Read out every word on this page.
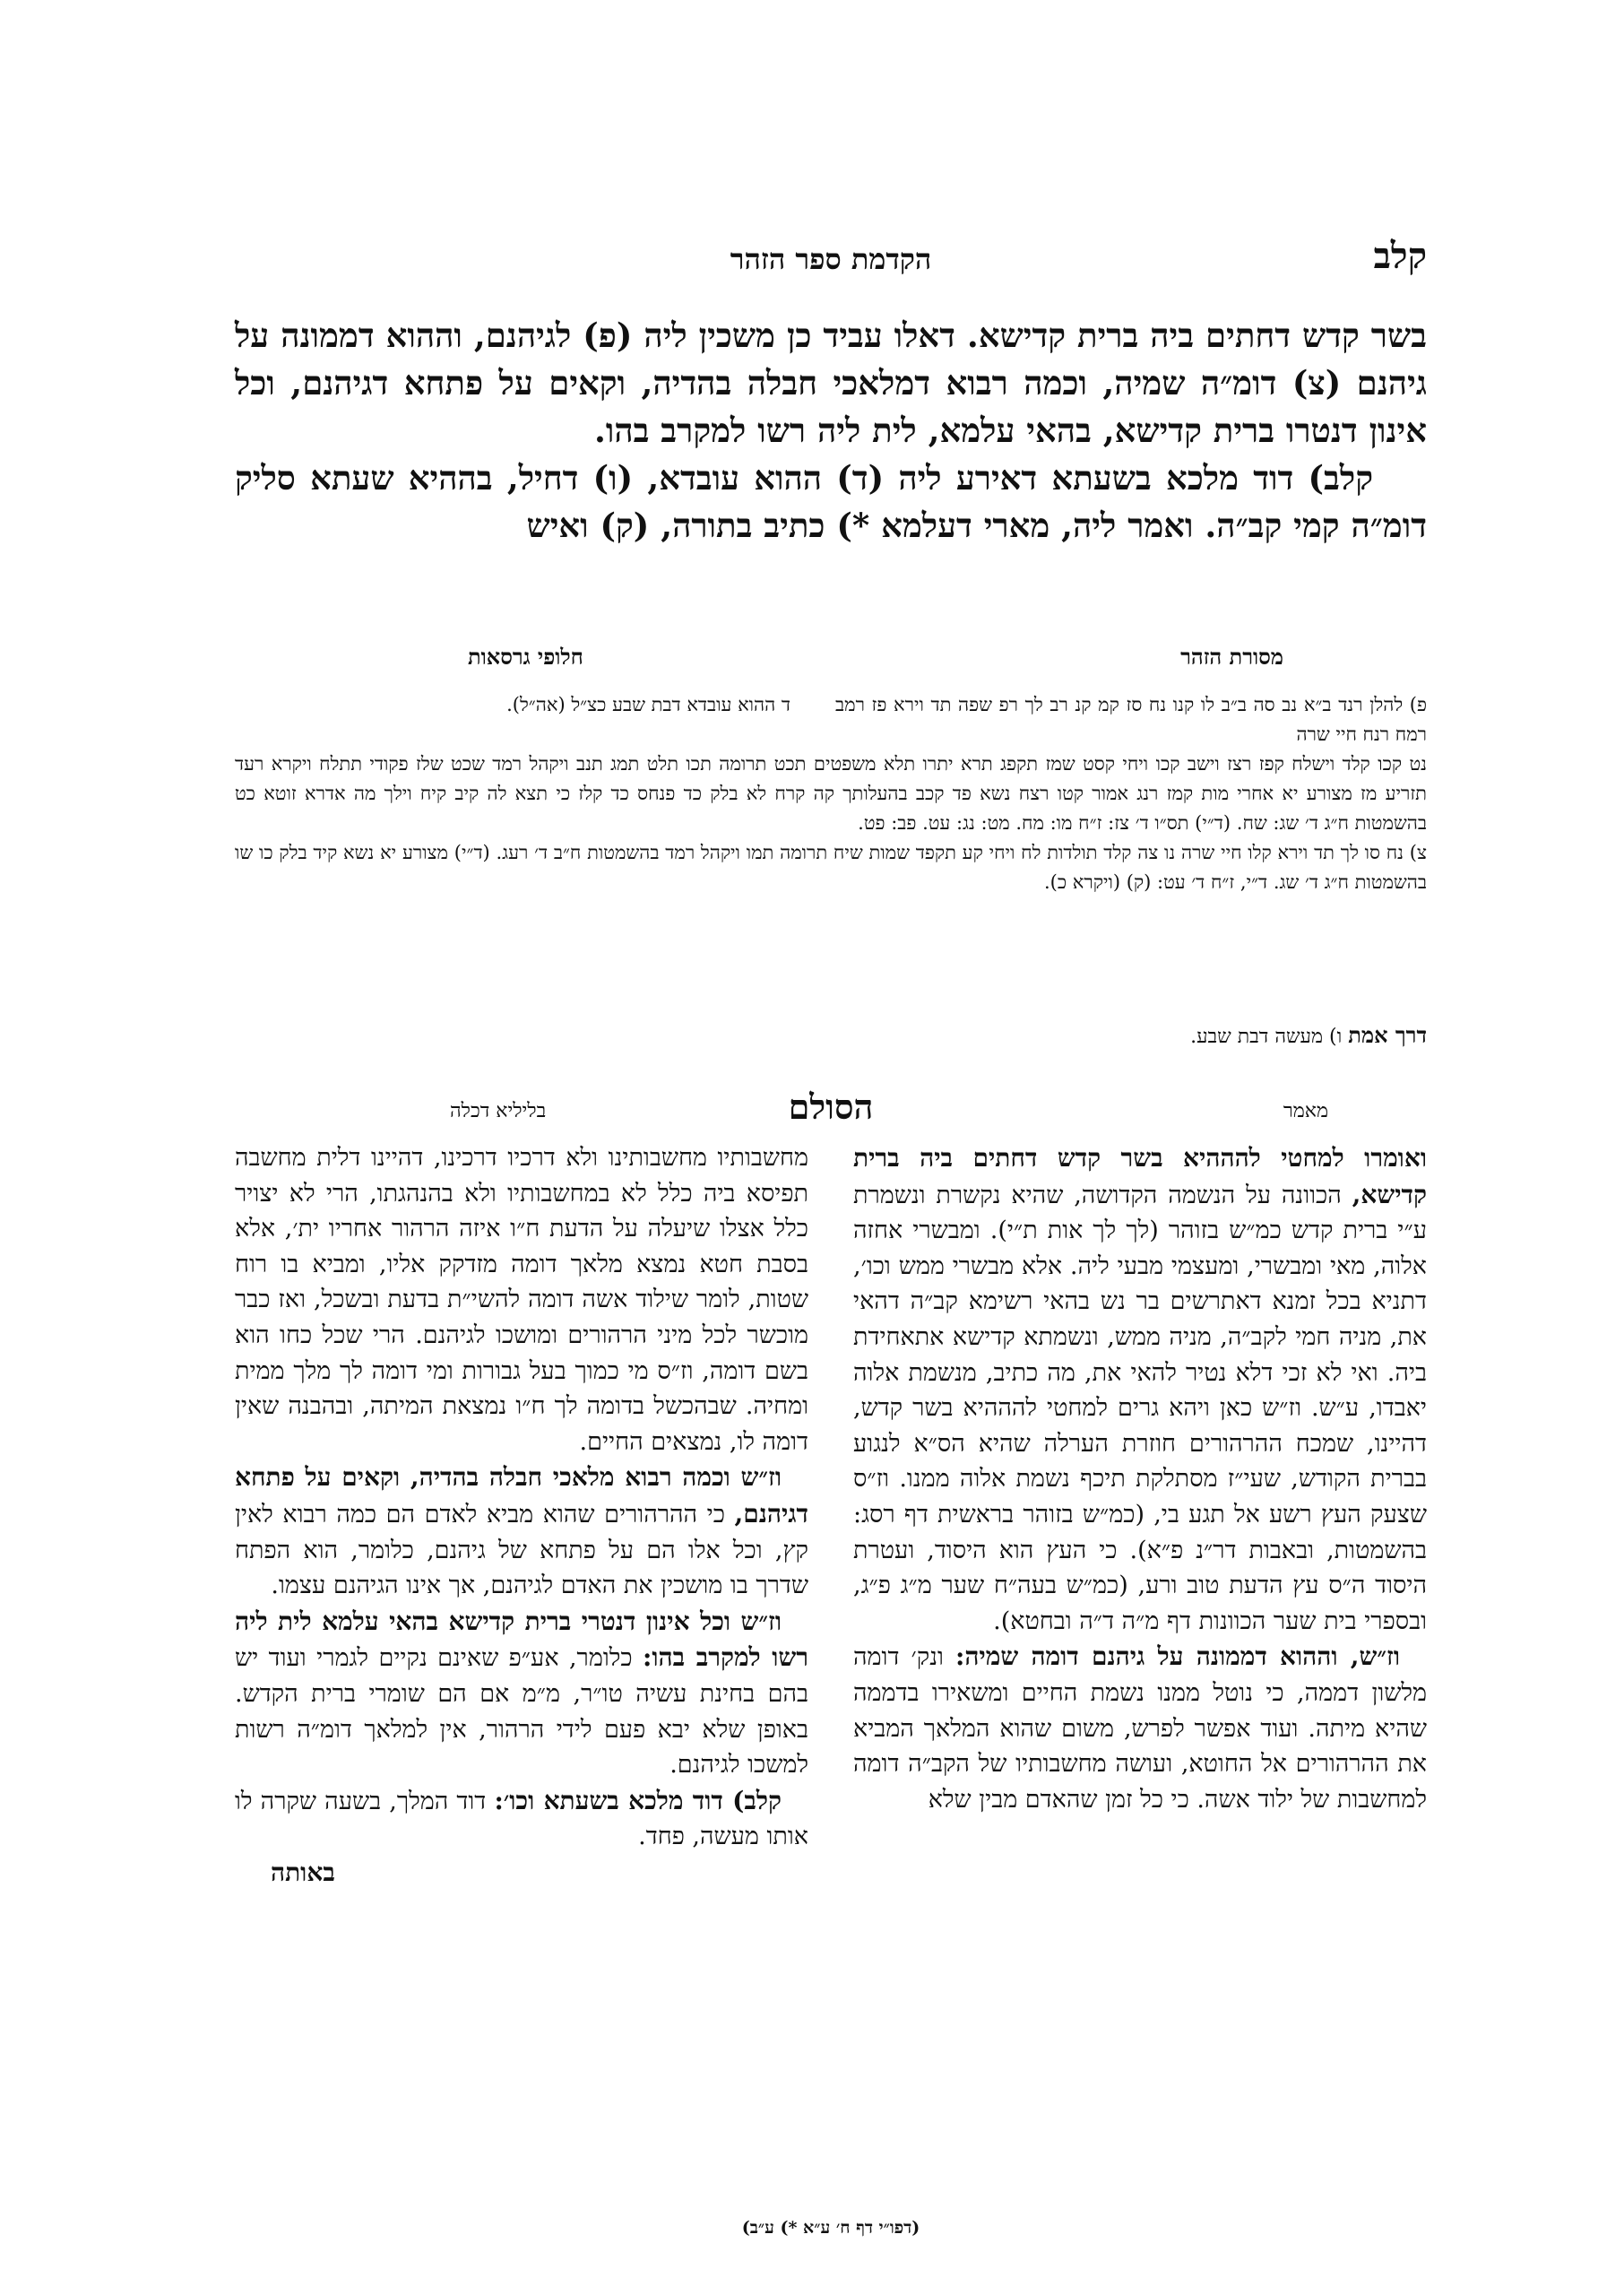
קלב
הקדמת ספר הזהר

בשר קדש דחתים ביה ברית קדישא. דאלו עביד כן משכין ליה (פ) לגיהנם, וההוא דממונה על גיהנם (צ) דומ״ה שמיה, וכמה רבוא דמלאכי חבלה בהדיה, וקאים על פתחא דגיהנם, וכל אינון דנטרו ברית קדישא, בהאי עלמא, לית ליה רשו למקרב בהו.

קלב) דוד מלכא בשעתא דאירע ליה (ד) ההוא עובדא, (ו) דחיל, בההיא שעתא סליק דומ״ה קמי קב״ה. ואמר ליה, מארי דעלמא *) כתיב בתורה, (ק) ואיש

מסורת הזהר
חלופי גרסאות

פ) להלן רנד ב״א נב סה ב״ב לו קנו נח סז קמ קנ רב לך רפ שפה תד וירא פז רמב רמח רנח חיי שרה

ד ההוא עובדא דבת שבע כצ״ל (אה״ל).

נט קכו קלד וישלח קפז רצז וישב קכו ויחי קסט שמז תקפג תרא יתרו תלא משפטים תכט תרומה תכו תלט תמג תנב ויקהל רמד שכט שלז פקודי תתלח ויקרא רעד תזריע מז מצורע יא אחרי מות קמז רנג אמור קטו רצח נשא פד קכב בהעלותך קה קרח לא בלק כד פנחס כד קלז כי תצא לה קיב קיח וילך מה אדרא זוטא כט בהשמטות ח״ג ד׳ שג: שח. (ד״י) תס״ו ד׳ צז: ז״ח מו: מח. מט: נג: עט. פב: פט.

צ) נח סו לך תד וירא קלו חיי שרה נו צה קלד תולדות לח ויחי קע תקפד שמות שיח תרומה תמו ויקהל רמד בהשמטות ח״ב ד׳ רעג. (ד״י) מצורע יא נשא קיד בלק כו שו בהשמטות ח״ג ד׳ שג. ד״י, ז״ח ד׳ עט: (ק) (ויקרא כ).

דרך אמת ו) מעשה דבת שבע.
מאמר
הסולם
בליליא דכלה

ואומרו למחטי להההיא בשר קדש דחתים ביה ברית קדישא, הכוונה על הנשמה הקדושה, שהיא נקשרת ונשמרת ע״י ברית קדש כמ״ש בזוהר (לך לך אות ת״י). ומבשרי אחזה אלוה, מאי ומבשרי, ומעצמי מבעי ליה. אלא מבשרי ממש וכו׳, דתניא בכל זמנא דאתרשים בר נש בהאי רשימא קב״ה דהאי את, מניה חמי לקב״ה, מניה ממש, ונשמתא קדישא אתאחידת ביה. ואי לא זכי דלא נטיר להאי את, מה כתיב, מנשמת אלוה יאבדו, ע״ש. וז״ש כאן ויהא גרים למחטי להההיא בשר קדש, דהיינו, שמכח ההרהורים חוזרת הערלה שהיא הס״א לנגוע בברית הקודש, שעי״ז מסתלקת תיכף נשמת אלוה ממנו. וז״ס שצעק העץ רשע אל תגע בי, (כמ״ש בזוהר בראשית דף רסג: בהשמטות, ובאבות דר״נ פ״א). כי העץ הוא היסוד, ועטרת היסוד ה״ס עץ הדעת טוב ורע, (כמ״ש בעה״ח שער מ״ג פ״ג, ובספרי בית שער הכוונות דף מ״ה ד״ה ובחטא).

וז״ש, וההוא דממונה על גיהנם דומה שמיה: ונק׳ דומה מלשון דממה, כי נוטל ממנו נשמת החיים ומשאירו בדממה שהיא מיתה. ועוד אפשר לפרש, משום שהוא המלאך המביא את ההרהורים אל החוטא, ועושה מחשבותיו של הקב״ה דומה למחשבות של ילוד אשה. כי כל זמן שהאדם מבין שלא

מחשבותיו מחשבותינו ולא דרכיו דרכינו, דהיינו דלית מחשבה תפיסא ביה כלל לא במחשבותיו ולא בהנהגתו, הרי לא יצויר כלל אצלו שיעלה על הדעת ח״ו איזה הרהור אחריו ית׳, אלא בסבת חטא נמצא מלאך דומה מזדקק אליו, ומביא בו רוח שטות, לומר שילוד אשה דומה להשי״ת בדעת ובשכל, ואז כבר מוכשר לכל מיני הרהורים ומושכו לגיהנם. הרי שכל כחו הוא בשם דומה, וז״ס מי כמוך בעל גבורות ומי דומה לך מלך ממית ומחיה. שבהכשל בדומה לך ח״ו נמצאת המיתה, ובהבנה שאין דומה לו, נמצאים החיים.

וז״ש וכמה רבוא מלאכי חבלה בהדיה, וקאים על פתחא דגיהנם, כי ההרהורים שהוא מביא לאדם הם כמה רבוא לאין קץ, וכל אלו הם על פתחא של גיהנם, כלומר, הוא הפתח שדרך בו מושכין את האדם לגיהנם, אך אינו הגיהנם עצמו.

וז״ש וכל אינון דנטרי ברית קדישא בהאי עלמא לית ליה רשו למקרב בהו: כלומר, אע״פ שאינם נקיים לגמרי ועוד יש בהם בחינת עשיה טו״ר, מ״מ אם הם שומרי ברית הקדש. באופן שלא יבא פעם לידי הרהור, אין למלאך דומ״ה רשות למשכו לגיהנם.

קלב) דוד מלכא בשעתא וכו׳: דוד המלך, בשעה שקרה לו אותו מעשה, פחד.

באותה
(דפו״י דף ח׳ ע״א *) ע״ב)
